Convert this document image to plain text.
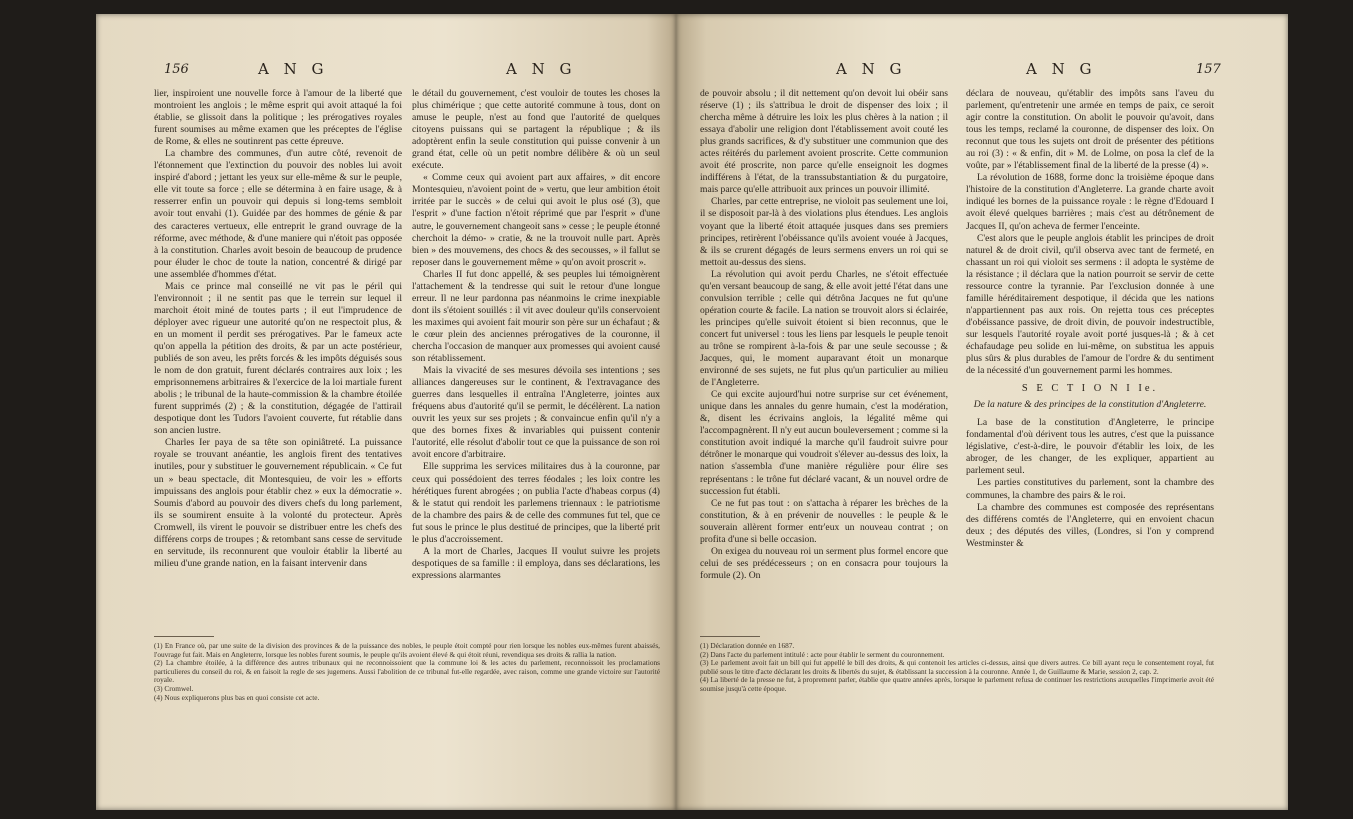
156	A N G	A N G

lier, inspiroient une nouvelle force à l'amour de la liberté que montroient les anglois ; le même esprit qui avoit attaqué la foi établie, se glissoit dans la politique ; les prérogatives royales furent soumises au même examen que les préceptes de l'église de Rome, & elles ne soutinrent pas cette épreuve.

La chambre des communes, d'un autre côté, revenoit de l'étonnement que l'extinction du pouvoir des nobles lui avoit inspiré d'abord ; jettant les yeux sur elle-même & sur le peuple, elle vit toute sa force ; elle se détermina à en faire usage, & à resserrer enfin un pouvoir qui depuis si long-tems sembloit avoir tout envahi (1). Guidée par des hommes de génie & par des caracteres vertueux, elle entreprit le grand ouvrage de la réforme, avec méthode, & d'une maniere qui n'étoit pas opposée à la constitution. Charles avoit besoin de beaucoup de prudence pour éluder le choc de toute la nation, concentré & dirigé par une assemblée d'hommes d'état.

Mais ce prince mal conseillé ne vit pas le péril qui l'environnoit ; il ne sentit pas que le terrein sur lequel il marchoit étoit miné de toutes parts ; il eut l'imprudence de déployer avec rigueur une autorité qu'on ne respectoit plus, & en un moment il perdit ses prérogatives. Par le fameux acte qu'on appella la pétition des droits, & par un acte postérieur, publiés de son aveu, les prêts forcés & les impôts déguisés sous le nom de don gratuit, furent déclarés contraires aux loix ; les emprisonnemens arbitraires & l'exercice de la loi martiale furent abolis ; le tribunal de la haute-commission & la chambre étoilée furent supprimés (2) ; & la constitution, dégagée de l'attirail despotique dont les Tudors l'avoient couverte, fut rétablie dans son ancien lustre.

Charles Ier paya de sa tête son opiniâtreté. La puissance royale se trouvant anéantie, les anglois firent des tentatives inutiles, pour y substituer le gouvernement républicain. « Ce fut un » beau spectacle, dit Montesquieu, de voir les » efforts impuissans des anglois pour établir chez » eux la démocratie ». Soumis d'abord au pouvoir des divers chefs du long parlement, ils se soumirent ensuite à la volonté du protecteur. Après Cromwell, ils virent le pouvoir se distribuer entre les chefs des différens corps de troupes ; & retombant sans cesse de servitude en servitude, ils reconnurent que vouloir établir la liberté au milieu d'une grande nation, en la faisant intervenir dans

le détail du gouvernement, c'est vouloir de toutes les choses la plus chimérique ; que cette autorité commune à tous, dont on amuse le peuple, n'est au fond que l'autorité de quelques citoyens puissans qui se partagent la république ; & ils adoptèrent enfin la seule constitution qui puisse convenir à un grand état, celle où un petit nombre délibère & où un seul exécute.

« Comme ceux qui avoient part aux affaires, » dit encore Montesquieu, n'avoient point de » vertu, que leur ambition étoit irritée par le succès » de celui qui avoit le plus osé (3), que l'esprit » d'une faction n'étoit réprimé que par l'esprit » d'une autre, le gouvernement changeoit sans » cesse ; le peuple étonné cherchoit la démo- » cratie, & ne la trouvoit nulle part. Après bien » des mouvemens, des chocs & des secousses, » il fallut se reposer dans le gouvernement même » qu'on avoit proscrit ».

Charles II fut donc appellé, & ses peuples lui témoignèrent l'attachement & la tendresse qui suit le retour d'une longue erreur. Il ne leur pardonna pas néanmoins le crime inexpiable dont ils s'étoient souillés : il vit avec douleur qu'ils conservoient les maximes qui avoient fait mourir son père sur un échafaut ; & le cœur plein des anciennes prérogatives de la couronne, il chercha l'occasion de manquer aux promesses qui avoient causé son rétablissement.

Mais la vivacité de ses mesures dévoila ses intentions ; ses alliances dangereuses sur le continent, & l'extravagance des guerres dans lesquelles il entraîna l'Angleterre, jointes aux fréquens abus d'autorité qu'il se permit, le décélèrent. La nation ouvrit les yeux sur ses projets ; & convaincue enfin qu'il n'y a que des bornes fixes & invariables qui puissent contenir l'autorité, elle résolut d'abolir tout ce que la puissance de son roi avoit encore d'arbitraire.

Elle supprima les services militaires dus à la couronne, par ceux qui possédoient des terres féodales ; les loix contre les hérétiques furent abrogées ; on publia l'acte d'habeas corpus (4) & le statut qui rendoit les parlemens triennaux : le patriotisme de la chambre des pairs & de celle des communes fut tel, que ce fut sous le prince le plus destitué de principes, que la liberté prit le plus d'accroissement.

A la mort de Charles, Jacques II voulut suivre les projets despotiques de sa famille : il employa, dans ses déclarations, les expressions alarmantes

(1) En France où, par une suite de la division des provinces & de la puissance des nobles, le peuple étoit compté pour rien lorsque les nobles eux-mêmes furent abaissés, l'ouvrage fut fait. Mais en Angleterre, lorsque les nobles furent soumis, le peuple qu'ils avoient élevé & qui étoit réuni, revendiqua ses droits & rallia la nation.

(2) La chambre étoilée, à la différence des autres tribunaux qui ne reconnoissoient que la commune loi & les actes du parlement, reconnoissoit les proclamations particulieres du conseil du roi, & en faisoit la regle de ses jugemens. Aussi l'abolition de ce tribunal fut-elle regardée, avec raison, comme une grande victoire sur l'autorité royale.

(3) Cromwel.

(4) Nous expliquerons plus bas en quoi consiste cet acte.

A N G	A N G	157

de pouvoir absolu ; il dit nettement qu'on devoit lui obéir sans réserve (1) ; ils s'attribua le droit de dispenser des loix ; il chercha même à détruire les loix les plus chères à la nation ; il essaya d'abolir une religion dont l'établissement avoit couté les plus grands sacrifices, & d'y substituer une communion que des actes réitérés du parlement avoient proscrite. Cette communion avoit été proscrite, non parce qu'elle enseignoit les dogmes indifférens à l'état, de la transsubstantiation & du purgatoire, mais parce qu'elle attribuoit aux princes un pouvoir illimité.

Charles, par cette entreprise, ne violoit pas seulement une loi, il se disposoit par-là à des violations plus étendues. Les anglois voyant que la liberté étoit attaquée jusques dans ses premiers principes, retirèrent l'obéissance qu'ils avoient vouée à Jacques, & ils se crurent dégagés de leurs sermens envers un roi qui se mettoit au-dessus des siens.

La révolution qui avoit perdu Charles, ne s'étoit effectuée qu'en versant beaucoup de sang, & elle avoit jetté l'état dans une convulsion terrible ; celle qui détrôna Jacques ne fut qu'une opération courte & facile. La nation se trouvoit alors si éclairée, les principes qu'elle suivoit étoient si bien reconnus, que le concert fut universel : tous les liens par lesquels le peuple tenoit au trône se rompirent à-la-fois & par une seule secousse ; & Jacques, qui, le moment auparavant étoit un monarque environné de ses sujets, ne fut plus qu'un particulier au milieu de l'Angleterre.

Ce qui excite aujourd'hui notre surprise sur cet événement, unique dans les annales du genre humain, c'est la modération, &, disent les écrivains anglois, la légalité même qui l'accompagnèrent. Il n'y eut aucun bouleversement ; comme si la constitution avoit indiqué la marche qu'il faudroit suivre pour détrôner le monarque qui voudroit s'élever au-dessus des loix, la nation s'assembla d'une manière régulière pour élire ses représentans : le trône fut déclaré vacant, & un nouvel ordre de succession fut établi.

Ce ne fut pas tout : on s'attacha à réparer les brèches de la constitution, & à en prévenir de nouvelles : le peuple & le souverain allèrent former entr'eux un nouveau contrat ; on profita d'une si belle occasion.

On exigea du nouveau roi un serment plus formel encore que celui de ses prédécesseurs ; on en consacra pour toujours la formule (2). On

déclara de nouveau, qu'établir des impôts sans l'aveu du parlement, qu'entretenir une armée en temps de paix, ce seroit agir contre la constitution. On abolit le pouvoir qu'avoit, dans tous les temps, reclamé la couronne, de dispenser des loix. On reconnut que tous les sujets ont droit de présenter des pétitions au roi (3) : « & enfin, dit » M. de Lolme, on posa la clef de la voûte, par » l'établissement final de la liberté de la presse (4) ».

La révolution de 1688, forme donc la troisième époque dans l'histoire de la constitution d'Angleterre. La grande charte avoit indiqué les bornes de la puissance royale : le règne d'Edouard I avoit élevé quelques barrières ; mais c'est au détrônement de Jacques II, qu'on acheva de fermer l'enceinte.

C'est alors que le peuple anglois établit les principes de droit naturel & de droit civil, qu'il observa avec tant de fermeté, en chassant un roi qui violoit ses sermens : il adopta le système de la résistance ; il déclara que la nation pourroit se servir de cette ressource contre la tyrannie. Par l'exclusion donnée à une famille héréditairement despotique, il décida que les nations n'appartiennent pas aux rois. On rejetta tous ces préceptes d'obéissance passive, de droit divin, de pouvoir indestructible, sur lesquels l'autorité royale avoit porté jusques-là ; & à cet échafaudage peu solide en lui-même, on substitua les appuis plus sûrs & plus durables de l'amour de l'ordre & du sentiment de la nécessité d'un gouvernement parmi les hommes.

S E C T I O N I Ie.

De la nature & des principes de la constitution d'Angleterre.

La base de la constitution d'Angleterre, le principe fondamental d'où dérivent tous les autres, c'est que la puissance législative, c'est-à-dire, le pouvoir d'établir les loix, de les abroger, de les changer, de les expliquer, appartient au parlement seul.

Les parties constitutives du parlement, sont la chambre des communes, la chambre des pairs & le roi.

La chambre des communes est composée des représentans des différens comtés de l'Angleterre, qui en envoient chacun deux ; des députés des villes, (Londres, si l'on y comprend Westminster &

(1) Déclaration donnée en 1687.

(2) Dans l'acte du parlement intitulé : acte pour établir le serment du couronnement.

(3) Le parlement avoit fait un bill qui fut appellé le bill des droits, & qui contenoit les articles ci-dessus, ainsi que divers autres. Ce bill ayant reçu le consentement royal, fut publié sous le titre d'acte déclarant les droits & libertés du sujet, & établissant la succession à la couronne. Année 1, de Guillaume & Marie, session 2, cap. 2.

(4) La liberté de la presse ne fut, à proprement parler, établie que quatre années après, lorsque le parlement refusa de continuer les restrictions auxquelles l'imprimerie avoit été soumise jusqu'à cette époque.
